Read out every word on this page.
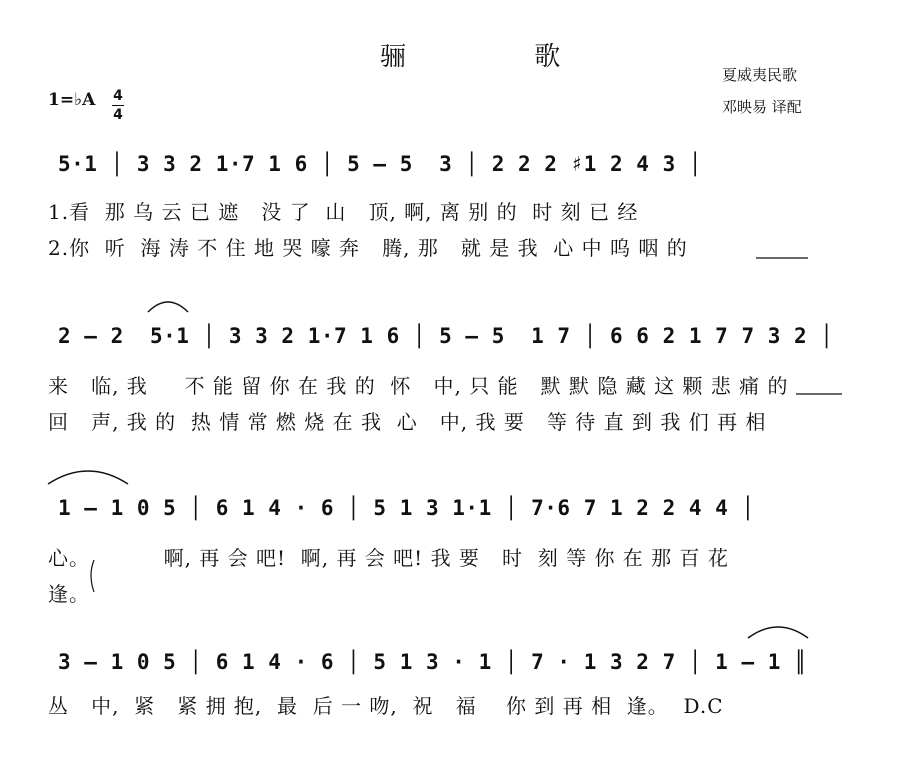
骊 歌
夏威夷民歌
邓映易 译配
1=♭A 4
4
5·1 │ 3 3 2 1·7 1 6 │ 5 – 5  3 │ 2 2 2 ♯1 2 4 3 │
1.看  那 乌 云 已 遮   没 了  山   顶, 啊, 离 别 的  时 刻 已 经
2.你  听  海 涛 不 住 地 哭 嚎 奔   腾, 那   就 是 我  心 中 呜 咽 的
2 – 2  5·1 │ 3 3 2 1·7 1 6 │ 5 – 5  1 7 │ 6 6 2 1 7 7 3 2 │
来   临, 我     不 能 留 你 在 我 的  怀   中, 只 能   默 默 隐 藏 这 颗 悲 痛 的
回   声, 我 的  热 情 常 燃 烧 在 我  心   中, 我 要   等 待 直 到 我 们 再 相
1 – 1 0 5 │ 6 1 4 · 6 │ 5 1 3 1·1 │ 7·6 7 1 2 2 4 4 │
心。          啊, 再 会 吧!  啊, 再 会 吧! 我 要   时  刻 等 你 在 那 百 花
逢。
3 – 1 0 5 │ 6 1 4 · 6 │ 5 1 3 · 1 │ 7 · 1 3 2 7 │ 1 – 1 ║
丛   中,  紧   紧 拥 抱,  最  后 一 吻,  祝   福    你 到 再 相  逢。  D.C
